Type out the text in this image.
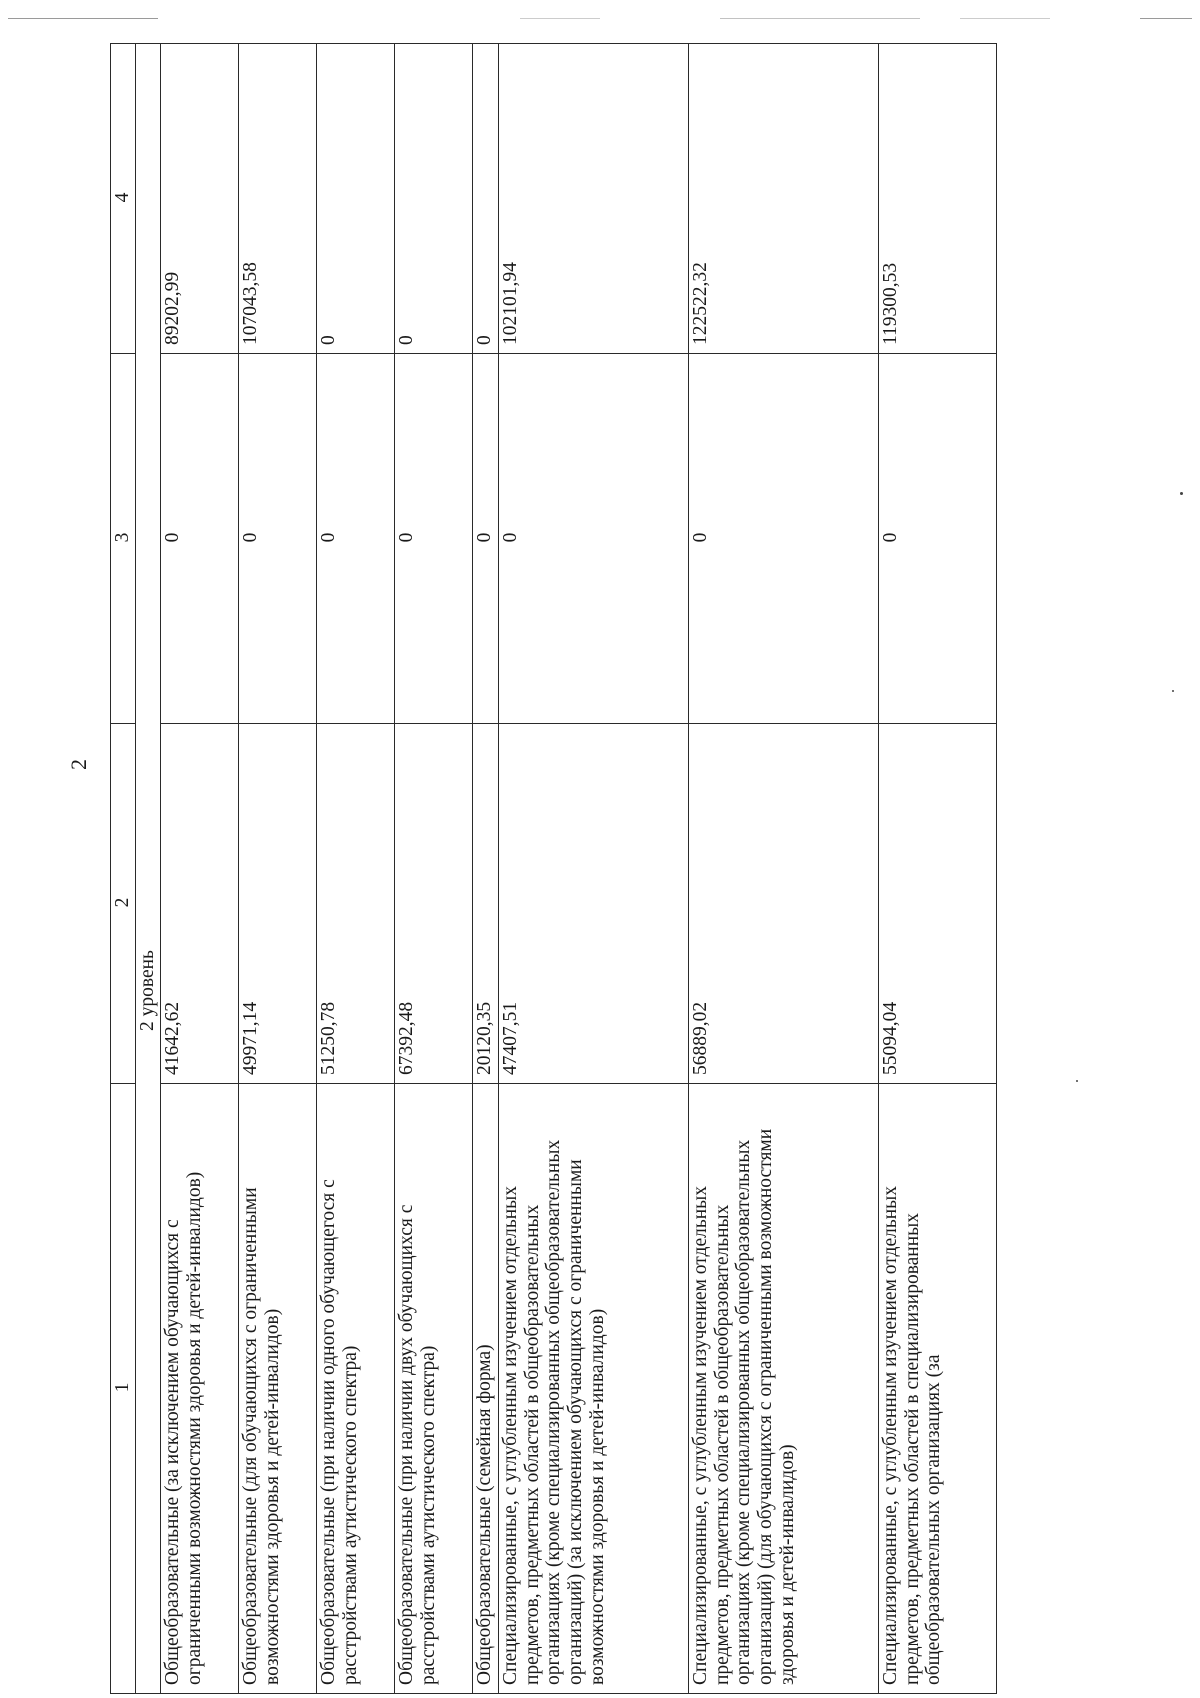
2
1	2	3	4
2 уровень			
Общеобразовательные (за исключением обучающихся с ограниченными возможностями здоровья и детей-инвалидов)	41642,62	0	89202,99
Общеобразовательные (для обучающихся с ограниченными возможностями здоровья и детей-инвалидов)	49971,14	0	107043,58
Общеобразовательные (при наличии одного обучающегося с расстройствами аутистического спектра)	51250,78	0	0
Общеобразовательные (при наличии двух обучающихся с расстройствами аутистического спектра)	67392,48	0	0
Общеобразовательные (семейная форма)	20120,35	0	0
Специализированные, с углубленным изучением отдельных предметов, предметных областей в общеобразовательных организациях (кроме специализированных общеобразовательных организаций) (за исключением обучающихся с ограниченными возможностями здоровья и детей-инвалидов)	47407,51	0	102101,94
Специализированные, с углубленным изучением отдельных предметов, предметных областей в общеобразовательных организациях (кроме специализированных общеобразовательных организаций) (для обучающихся с ограниченными возможностями здоровья и детей-инвалидов)	56889,02	0	122522,32
Специализированные, с углубленным изучением отдельных предметов, предметных областей в специализированных общеобразовательных организациях (за	55094,04	0	119300,53
